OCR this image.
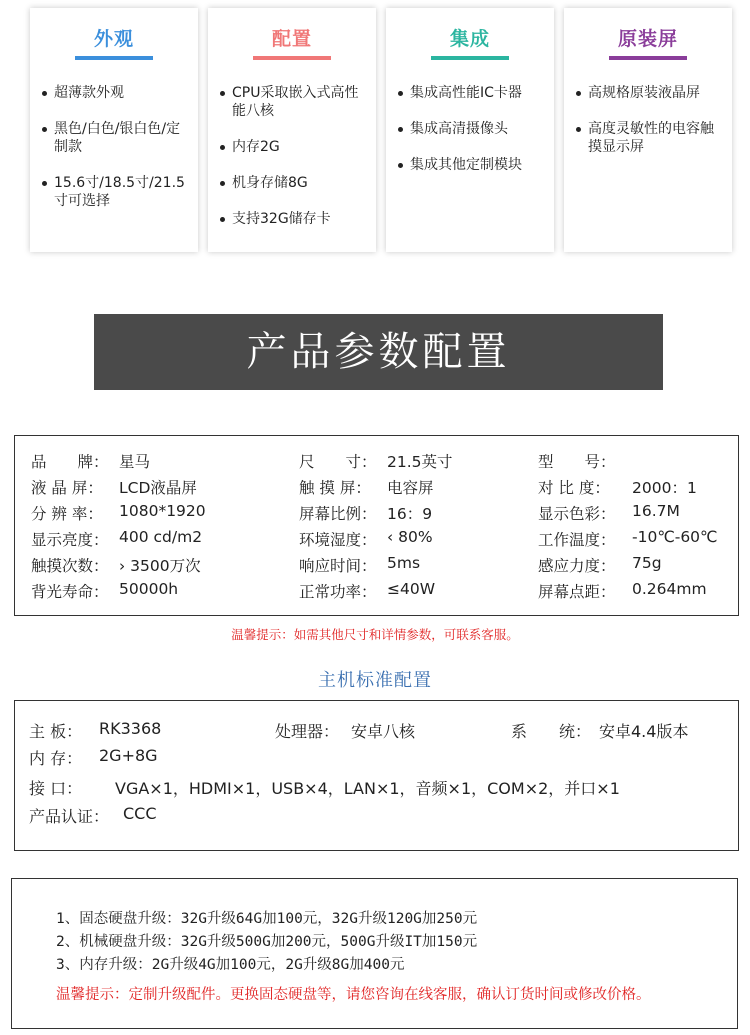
外观
超薄款外观
黑色/白色/银白色/定制款
15.6寸/18.5寸/21.5寸可选择
配置
CPU采取嵌入式高性能八核
内存2G
机身存储8G
支持32G储存卡
集成
集成高性能IC卡器
集成高清摄像头
集成其他定制模块
原装屏
高规格原装液晶屏
高度灵敏性的电容触摸显示屏
产品参数配置
品　　牌： 星马	尺　　寸： 21.5英寸	型　　号：
液 晶 屏： LCD液晶屏	触 摸 屏： 电容屏	对 比 度： 2000：1
分 辨 率： 1080*1920	屏幕比例： 16：9	显示色彩： 16.7M
显示亮度： 400 cd/m2	环境湿度： ‹ 80%	工作温度： -10℃-60℃
触摸次数： › 3500万次	响应时间： 5ms	感应力度： 75g
背光寿命： 50000h	正常功率： ≤40W	屏幕点距： 0.264mm
温馨提示：如需其他尺寸和详情参数，可联系客服。
主机标准配置
主 板： RK3368	处理器： 安卓八核	系　　统： 安卓4.4版本
内 存： 2G+8G
接 口： VGA×1，HDMI×1，USB×4，LAN×1，音频×1，COM×2，并口×1
产品认证： CCC
1、固态硬盘升级：32G升级64G加100元，32G升级120G加250元
2、机械硬盘升级：32G升级500G加200元，500G升级IT加150元
3、内存升级：2G升级4G加100元，2G升级8G加400元
温馨提示：定制升级配件。更换固态硬盘等，请您咨询在线客服，确认订货时间或修改价格。
